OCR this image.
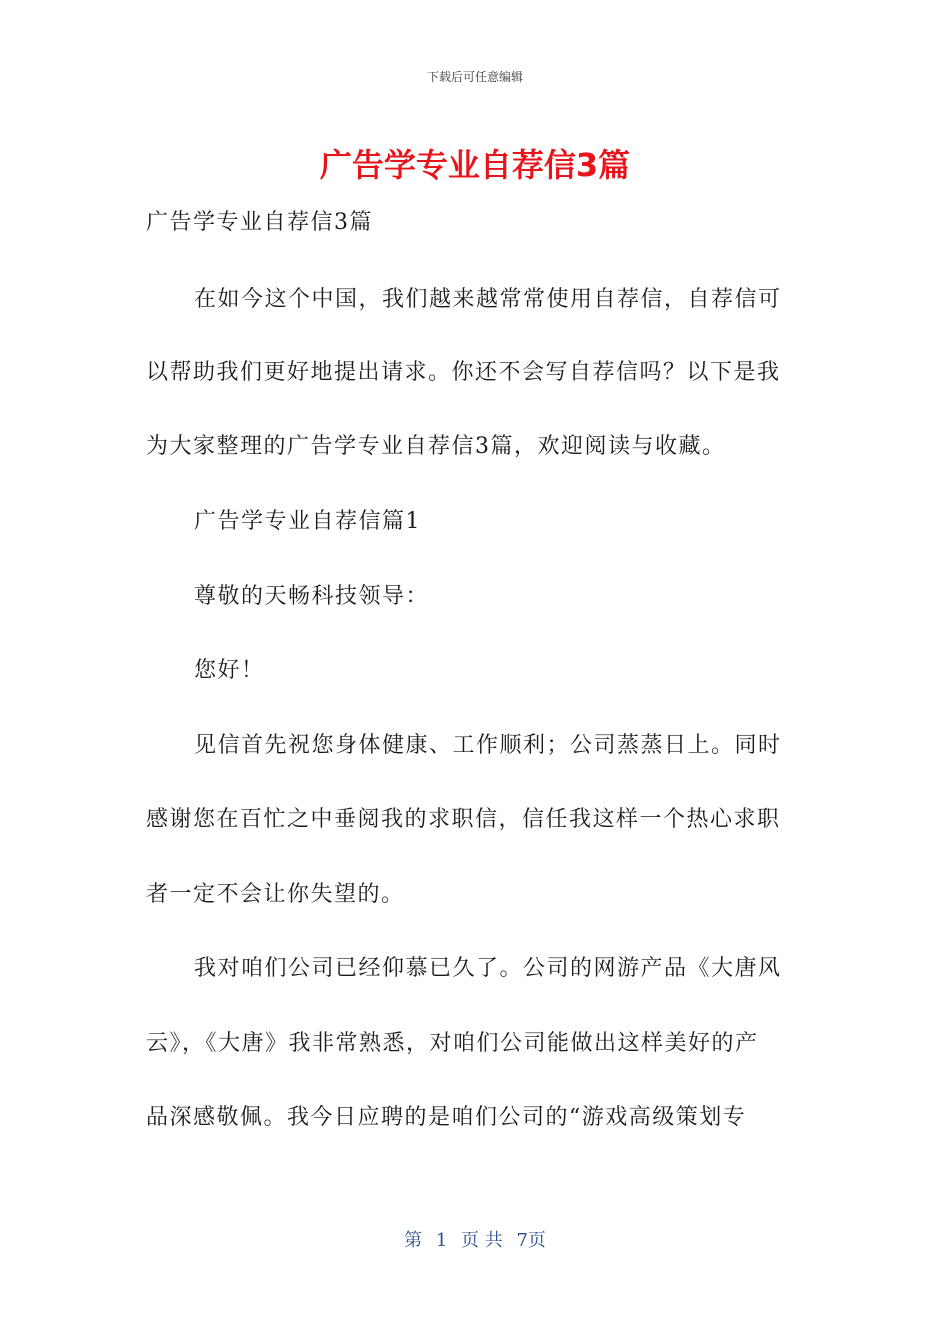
下载后可任意编辑
广告学专业自荐信3篇
广告学专业自荐信3篇
在如今这个中国，我们越来越常常使用自荐信，自荐信可
以帮助我们更好地提出请求。你还不会写自荐信吗？以下是我
为大家整理的广告学专业自荐信3篇，欢迎阅读与收藏。
广告学专业自荐信篇1
尊敬的天畅科技领导：
您好！
见信首先祝您身体健康、工作顺利；公司蒸蒸日上。同时
感谢您在百忙之中垂阅我的求职信，信任我这样一个热心求职
者一定不会让你失望的。
我对咱们公司已经仰慕已久了。公司的网游产品《大唐风
云》，《大唐》我非常熟悉，对咱们公司能做出这样美好的产
品深感敬佩。我今日应聘的是咱们公司的“游戏高级策划专
第 1 页 共 7页
